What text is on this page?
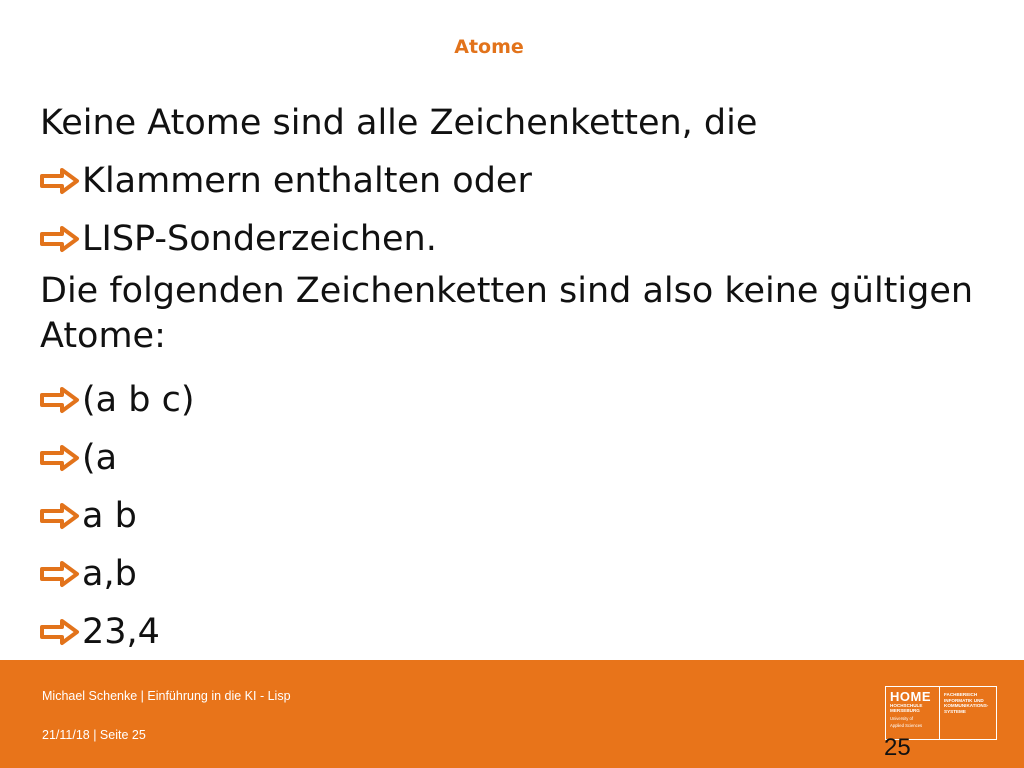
Atome
Keine Atome sind alle Zeichenketten, die
Klammern enthalten oder
LISP-Sonderzeichen.
Die folgenden Zeichenketten sind also keine gültigen Atome:
(a b c)
(a
a b
a,b
23,4
Michael Schenke | Einführung in die KI - Lisp
21/11/18 | Seite 25
HOME
HOCHSCHULE
MERSEBURG
University of
Applied Sciences
FACHBEREICH
INFORMATIK UND
KOMMUNIKATIONS-
SYSTEME
25
